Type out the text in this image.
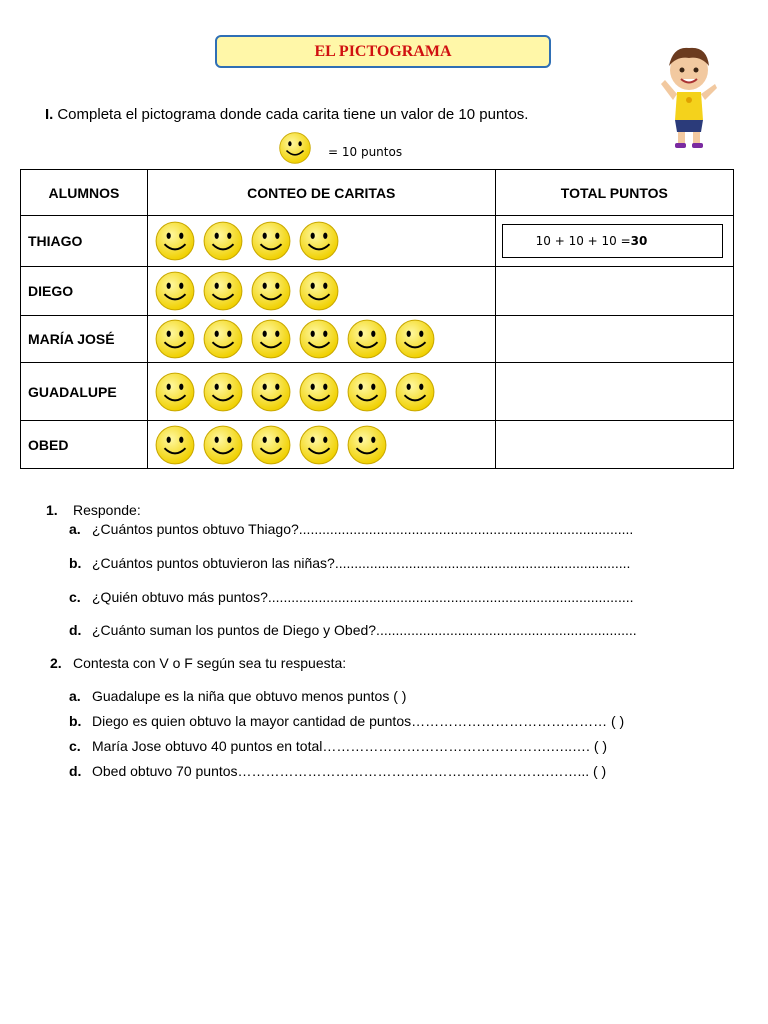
EL PICTOGRAMA
I. Completa el pictograma donde cada carita tiene un valor de 10 puntos.
= 10 puntos
ALUMNOS	CONTEO DE CARITAS	TOTAL PUNTOS
THIAGO		10 + 10 + 10 = 30

DIEGO	

MARÍA JOSÉ	

GUADALUPE	

OBED	

1. Responde:
a. ¿Cuántos puntos obtuvo Thiago?......................................................................................
b. ¿Cuántos puntos obtuvieron las niñas?............................................................................
c. ¿Quién obtuvo más puntos?..............................................................................................
d. ¿Cuánto suman los puntos de Diego y Obed?...................................................................
2. Contesta con V o F según sea tu respuesta:
a. Guadalupe es la niña que obtuvo menos puntos ( )
b. Diego es quien obtuvo la mayor cantidad de puntos…………………………………… ( )
c. María Jose obtuvo 40 puntos en total………………………………………….…..…. ( )
d. Obed obtuvo 70 puntos………………………………………………………….……... ( )
